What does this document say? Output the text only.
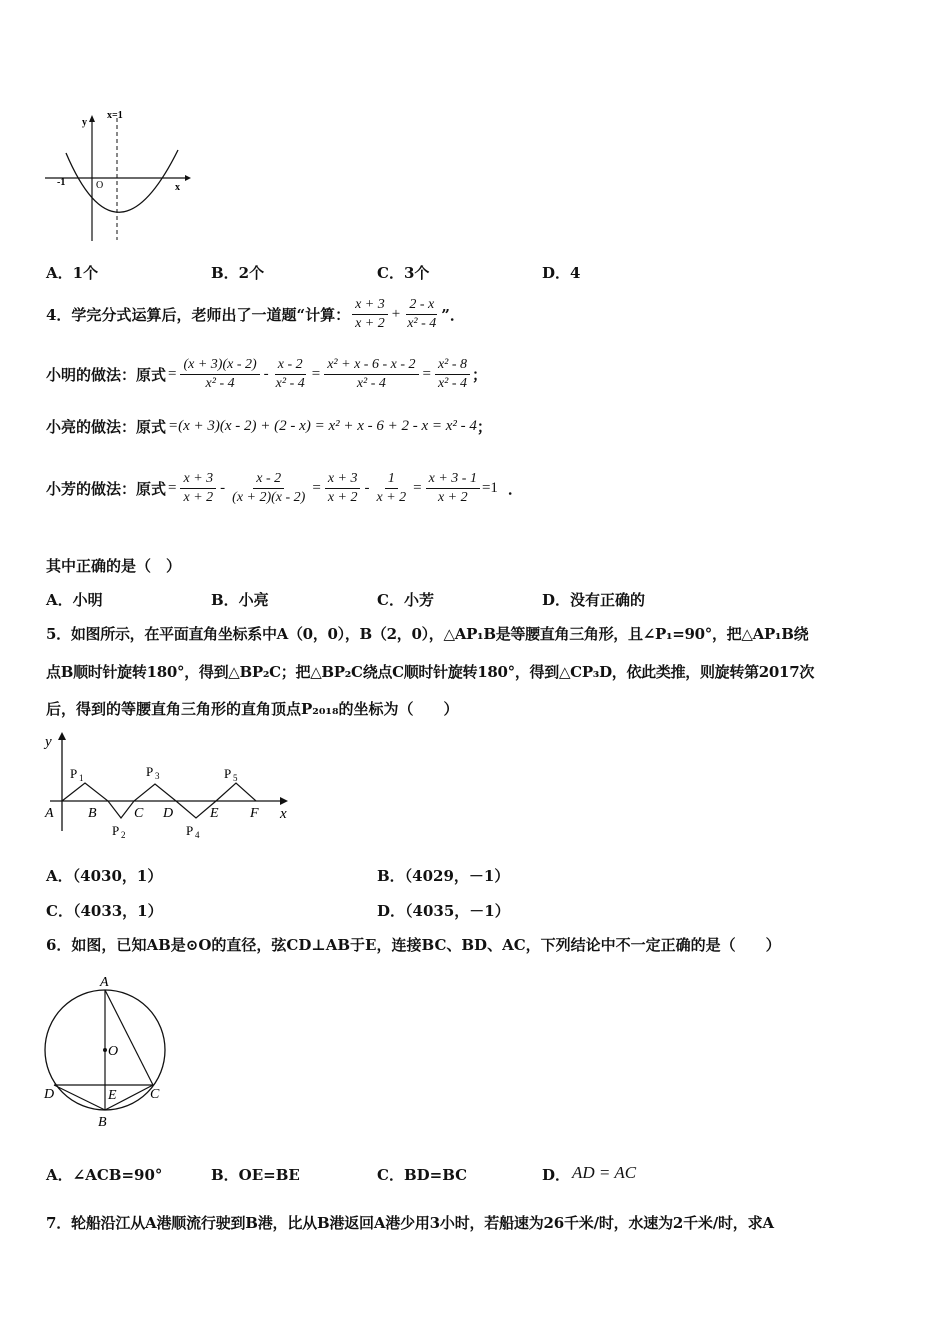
y
x=1
-1	O	x
A．1个	B．2个	C．3个	D．4
4．学完分式运算后，老师出了一道题“计算： $\frac{x + 3}{x + 2} + \frac{2 - x}{\text{x² - 4}}$ ”．
小明的做法：原式 = $\frac{(x + 3)(x - 2)}{\text{x² - 4}} - \frac{x - 2}{\text{x² - 4}} = \frac{\text{x² + x - 6 - x - 2}}{\text{x² - 4}} = \frac{\text{x² - 8}}{\text{x² - 4}}$ ；
小亮的做法：原式 =(x + 3)(x - 2) + (2 - x) = x² + x - 6 + 2 - x = x² - 4 ；
小芳的做法：原式 = $\frac{x + 3}{x + 2} - \frac{x - 2}{(x + 2)(x - 2)} = \frac{x + 3}{x + 2} - \frac{1}{x + 2} = \frac{x + 3 - 1}{x + 2} =1$ ．
其中正确的是（　）
A．小明	B．小亮	C．小芳	D．没有正确的
5．如图所示，在平面直角坐标系中A（0，0），B（2，0），△AP₁B是等腰直角三角形，且∠P₁=90°，把△AP₁B绕
点B顺时针旋转180°，得到△BP₂C；把△BP₂C绕点C顺时针旋转180°，得到△CP₃D，依此类推，则旋转第2017次
后，得到的等腰直角三角形的直角顶点P₂₀₁₈的坐标为（　　）
y
x
A B	C D	E F
P 1
P 2
P 3
P 4
P 5
A．（4030，1）	B．（4029，－1）
C．（4033，1）	D．（4035，－1）
6．如图，已知AB是⊙O的直径，弦CD⊥AB于E，连接BC、BD、AC，下列结论中不一定正确的是（　　）
A
O
D	E C
B
A．∠ACB=90°	B．OE=BE	C．BD=BC	D． AD = AC
7．轮船沿江从A港顺流行驶到B港，比从B港返回A港少用3小时，若船速为26千米/时，水速为2千米/时，求A
